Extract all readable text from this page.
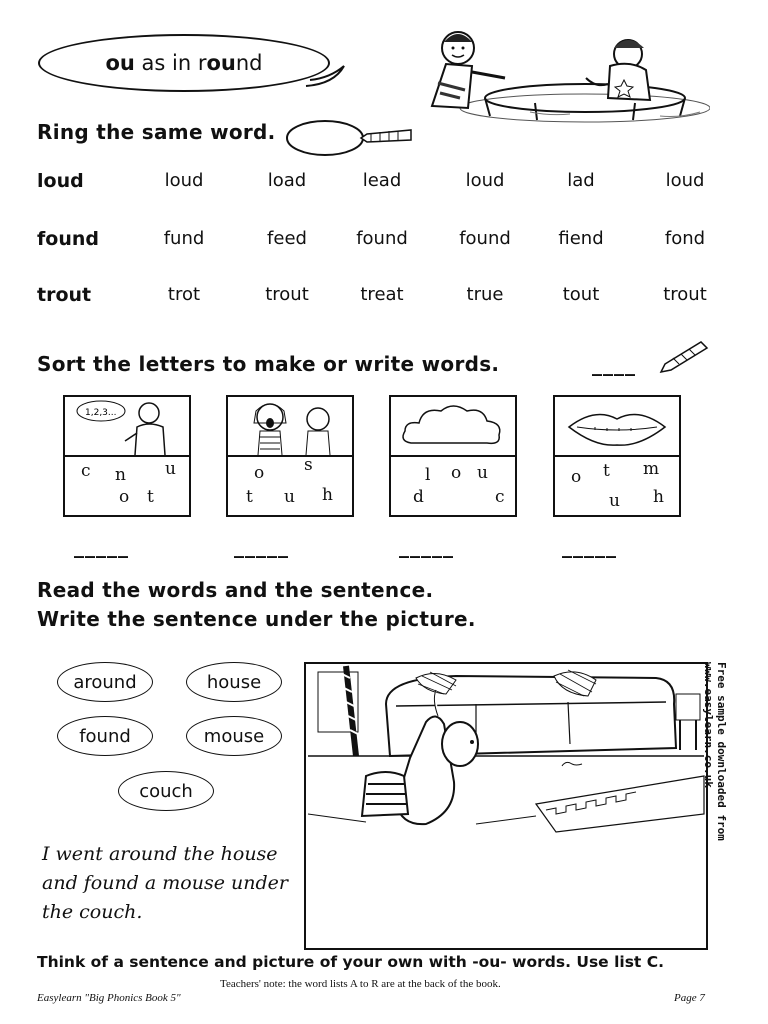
ou as in round
Ring the same word.
loud	loud	load	lead	loud	lad	loud
found	fund	feed	found	found	fiend	fond
trout	trot	trout	treat	true	tout	trout
Sort the letters to make or write words.	____
1,2,3...
c n u
o t
o s
t u h
l o u
d	c
o t m
u h
_____	_____	_____	_____
Read the words and the sentence.
Write the sentence under the picture.
around	house
found	mouse
couch
I went around the house
and found a mouse under
the couch.
Free sample downloaded from www.easylearn.co.uk
Think of a sentence and picture of your own with -ou- words. Use list C.
Teachers' note: the word lists A to R are at the back of the book.
Easylearn "Big Phonics Book 5"	Page 7
